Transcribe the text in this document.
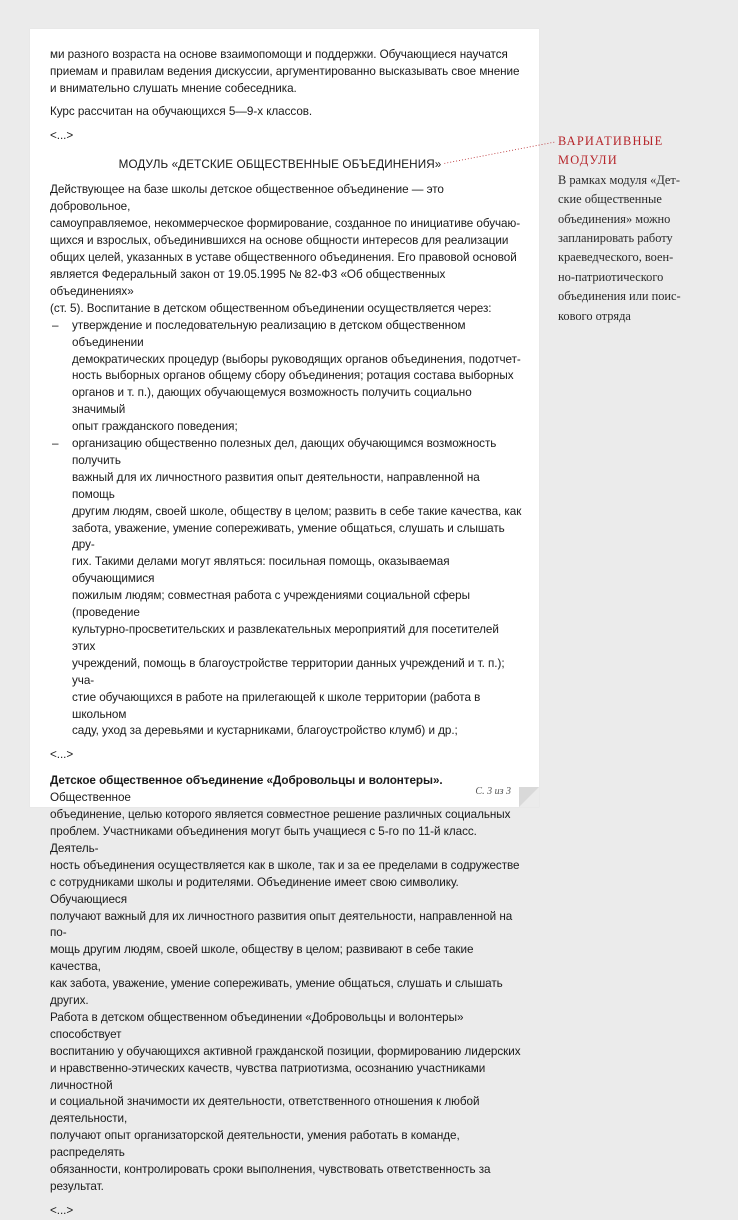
ми разного возраста на основе взаимопомощи и поддержки. Обучающиеся научатся
приемам и правилам ведения дискуссии, аргументированно высказывать свое мнение
и внимательно слушать мнение собеседника.

Курс рассчитан на обучающихся 5—9-х классов.

<...>

МОДУЛЬ «ДЕТСКИЕ ОБЩЕСТВЕННЫЕ ОБЪЕДИНЕНИЯ»

Действующее на базе школы детское общественное объединение — это добровольное,
самоуправляемое, некоммерческое формирование, созданное по инициативе обучаю-
щихся и взрослых, объединившихся на основе общности интересов для реализации
общих целей, указанных в уставе общественного объединения. Его правовой основой
является Федеральный закон от 19.05.1995 № 82-ФЗ «Об общественных объединениях»
(ст. 5). Воспитание в детском общественном объединении осуществляется через:

– утверждение и последовательную реализацию в детском общественном объединении
демократических процедур (выборы руководящих органов объединения, подотчет-
ность выборных органов общему сбору объединения; ротация состава выборных
органов и т. п.), дающих обучающемуся возможность получить социально значимый
опыт гражданского поведения;
– организацию общественно полезных дел, дающих обучающимся возможность получить
важный для их личностного развития опыт деятельности, направленной на помощь
другим людям, своей школе, обществу в целом; развить в себе такие качества, как
забота, уважение, умение сопереживать, умение общаться, слушать и слышать дру-
гих. Такими делами могут являться: посильная помощь, оказываемая обучающимися
пожилым людям; совместная работа с учреждениями социальной сферы (проведение
культурно-просветительских и развлекательных мероприятий для посетителей этих
учреждений, помощь в благоустройстве территории данных учреждений и т. п.); уча-
стие обучающихся в работе на прилегающей к школе территории (работа в школьном
саду, уход за деревьями и кустарниками, благоустройство клумб) и др.;

<...>

Детское общественное объединение «Добровольцы и волонтеры». Общественное
объединение, целью которого является совместное решение различных социальных
проблем. Участниками объединения могут быть учащиеся с 5-го по 11-й класс. Деятель-
ность объединения осуществляется как в школе, так и за ее пределами в содружестве
с сотрудниками школы и родителями. Объединение имеет свою символику. Обучающиеся
получают важный для их личностного развития опыт деятельности, направленной на по-
мощь другим людям, своей школе, обществу в целом; развивают в себе такие качества,
как забота, уважение, умение сопереживать, умение общаться, слушать и слышать других.
Работа в детском общественном объединении «Добровольцы и волонтеры» способствует
воспитанию у обучающихся активной гражданской позиции, формированию лидерских
и нравственно-этических качеств, чувства патриотизма, осознанию участниками личностной
и социальной значимости их деятельности, ответственного отношения к любой деятельности,
получают опыт организаторской деятельности, умения работать в команде, распределять
обязанности, контролировать сроки выполнения, чувствовать ответственность за результат.

<...>

С. 3 из 3
ВАРИАТИВНЫЕ
МОДУЛИ
В рамках модуля «Дет-
ские общественные
объединения» можно
запланировать работу
краеведческого, воен-
но-патриотического
объединения или поис-
кового отряда
